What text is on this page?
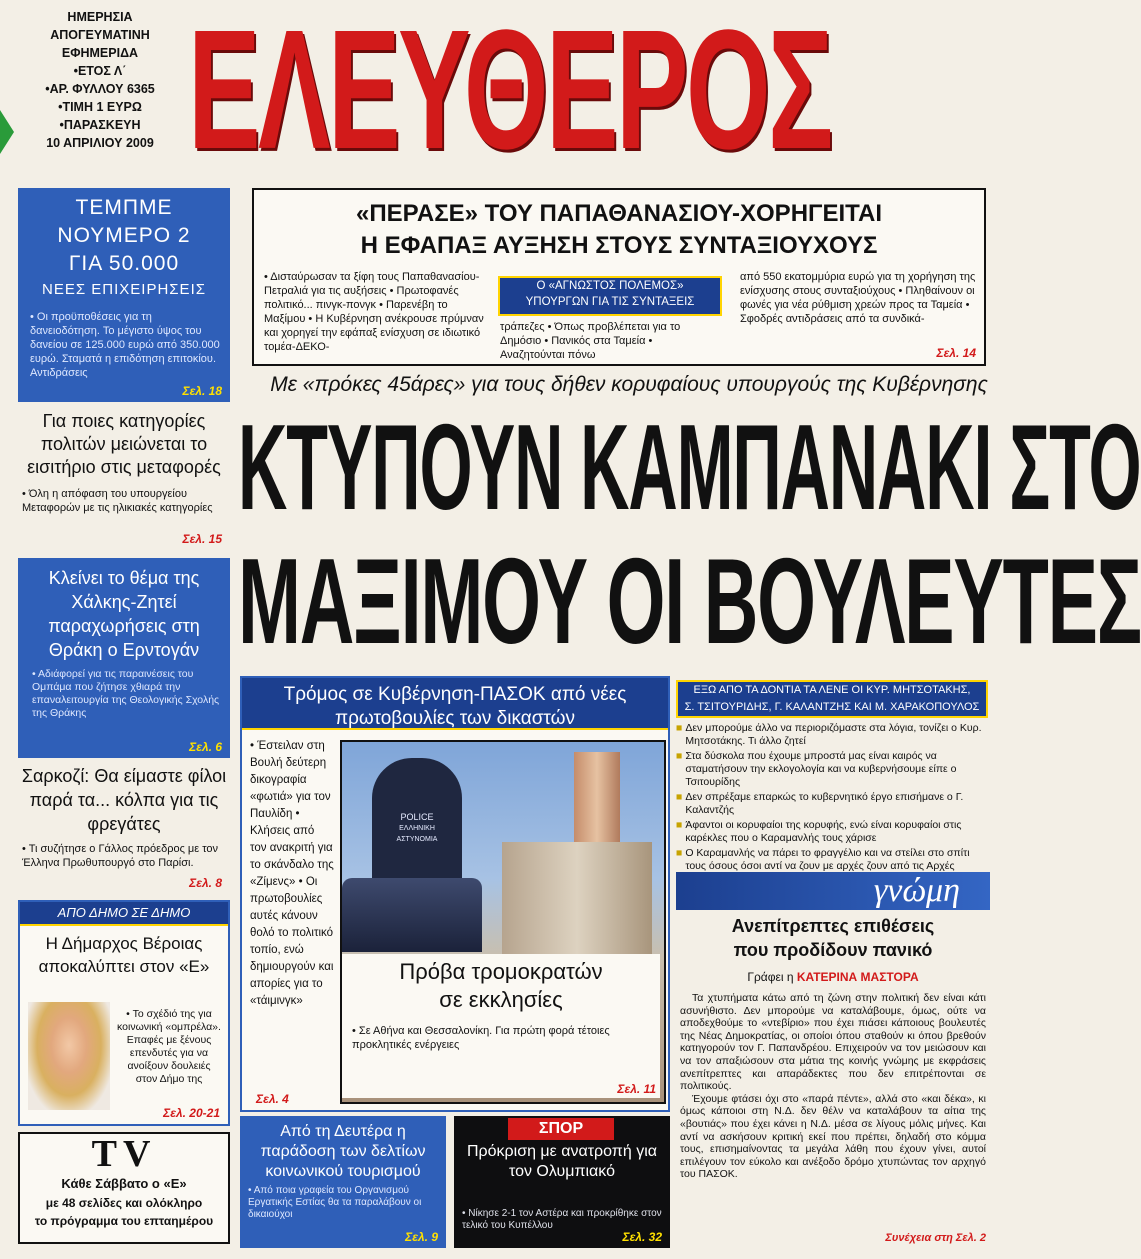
ΗΜΕΡΗΣΙΑ
ΑΠΟΓΕΥΜΑΤΙΝΗ
ΕΦΗΜΕΡΙΔΑ
•ΕΤΟΣ Λ΄
•ΑΡ. ΦΥΛΛΟΥ 6365
•ΤΙΜΗ 1 ΕΥΡΩ
•ΠΑΡΑΣΚΕΥΗ
10 ΑΠΡΙΛΙΟΥ 2009 ΕΛΕΥΘΕΡΟΣ
«ΠΕΡΑΣΕ» ΤΟΥ ΠΑΠΑΘΑΝΑΣΙΟΥ-ΧΟΡΗΓΕΙΤΑΙ
Η ΕΦΑΠΑΞ ΑΥΞΗΣΗ ΣΤΟΥΣ ΣΥΝΤΑΞΙΟΥΧΟΥΣ
• Δισταύρωσαν τα ξίφη τους Παπαθανασίου-Πετραλιά για τις αυξήσεις • Πρωτοφανές πολιτικό... πινγκ-πονγκ • Παρενέβη το Μαξίμου • Η Κυβέρνηση ανέκρουσε πρύμναν και χορηγεί την εφάπαξ ενίσχυση σε ιδιωτικό τομέα-ΔΕΚΟ-
Ο «ΑΓΝΩΣΤΟΣ ΠΟΛΕΜΟΣ»
ΥΠΟΥΡΓΩΝ ΓΙΑ ΤΙΣ ΣΥΝΤΑΞΕΙΣ
τράπεζες • Όπως προβλέπεται για το Δημόσιο • Πανικός στα Ταμεία • Αναζητούνται πόνω
από 550 εκατομμύρια ευρώ για τη χορήγηση της ενίσχυσης στους συνταξιούχους • Πληθαίνουν οι φωνές για νέα ρύθμιση χρεών προς τα Ταμεία • Σφοδρές αντιδράσεις από τα συνδικά-
Σελ. 14
Με «πρόκες 45άρες» για τους δήθεν κορυφαίους υπουργούς της Κυβέρνησης
ΚΤΥΠΟΥΝ ΚΑΜΠΑΝΑΚΙ ΣΤΟ
ΜΑΞΙΜΟΥ ΟΙ ΒΟΥΛΕΥΤΕΣ
ΤΕΜΠΜΕ
ΝΟΥΜΕΡΟ 2
ΓΙΑ 50.000
ΝΕΕΣ ΕΠΙΧΕΙΡΗΣΕΙΣ
• Οι προϋποθέσεις για τη δανειοδότηση. Το μέγιστο ύψος του δανείου σε 125.000 ευρώ από 350.000 ευρώ. Σταματά η επιδότηση επιτοκίου. Αντιδράσεις
Σελ. 18
Για ποιες κατηγορίες πολιτών μειώνεται το εισιτήριο στις μεταφορές
• Όλη η απόφαση του υπουργείου Μεταφορών με τις ηλικιακές κατηγορίες
Σελ. 15
Κλείνει το θέμα της Χάλκης-Ζητεί παραχωρήσεις στη Θράκη ο Ερντογάν
• Αδιάφορεί για τις παραινέσεις του Ομπάμα που ζήτησε χθιαρά την επαναλειτουργία της Θεολογικής Σχολής της Θράκης
Σελ. 6
Σαρκοζί: Θα είμαστε φίλοι παρά τα... κόλπα για τις φρεγάτες
• Τι συζήτησε ο Γάλλος πρόεδρος με τον Έλληνα Πρωθυπουργό στο Παρίσι.
Σελ. 8
ΑΠΟ ΔΗΜΟ ΣΕ ΔΗΜΟ
Η Δήμαρχος Βέροιας αποκαλύπτει στον «Ε»
• Το σχέδιό της για κοινωνική «ομπρέλα». Επαφές με ξένους επενδυτές για να ανοίξουν δουλειές στον Δήμο της
Σελ. 20-21
TV
Κάθε Σάββατο ο «Ε»
με 48 σελίδες και ολόκληρο
το πρόγραμμα του επταημέρου
Τρόμος σε Κυβέρνηση-ΠΑΣΟΚ από νέες πρωτοβουλίες των δικαστών
• Έστειλαν στη Βουλή δεύτερη δικογραφία «φωτιά» για τον Παυλίδη • Κλήσεις από τον ανακριτή για το σκάνδαλο της «Ζίμενς» • Οι πρωτοβουλίες αυτές κάνουν θολό το πολιτικό τοπίο, ενώ δημιουργούν και απορίες για το «τάιμινγκ»
Σελ. 4
POLICE
ΕΛΛΗΝΙΚΗ ΑΣΤΥΝΟΜΙΑ
Πρόβα τρομοκρατών
σε εκκλησίες
• Σε Αθήνα και Θεσσαλονίκη. Για πρώτη φορά τέτοιες προκλητικές ενέργειες
Σελ. 11
ΕΞΩ ΑΠΟ ΤΑ ΔΟΝΤΙΑ ΤΑ ΛΕΝΕ ΟΙ ΚΥΡ. ΜΗΤΣΟΤΑΚΗΣ,
Σ. ΤΣΙΤΟΥΡΙΔΗΣ, Γ. ΚΑΛΑΝΤΖΗΣ ΚΑΙ Μ. ΧΑΡΑΚΟΠΟΥΛΟΣ
■ Δεν μπορούμε άλλο να περιοριζόμαστε στα λόγια, τονίζει ο Κυρ. Μητσοτάκης. Τι άλλο ζητεί
■ Στα δύσκολα που έχουμε μπροστά μας είναι καιρός να σταματήσουν την εκλογολογία και να κυβερνήσουμε είπε ο Τσιτουρίδης
■ Δεν σπρέξαμε επαρκώς το κυβερνητικό έργο επισήμανε ο Γ. Καλαντζής
■ Άφαντοι οι κορυφαίοι της κορυφής, ενώ είναι κορυφαίοι στις καρέκλες που ο Καραμανλής τους χάρισε
■ Ο Καραμανλής να πάρει το φραγγέλιο και να στείλει στο σπίτι τους όσους όσοι αντί να ζουν με αρχές ζουν από τις Αρχές
γνώμη
Ανεπίτρεπτες επιθέσεις
που προδίδουν πανικό
Γράφει η ΚΑΤΕΡΙΝΑ ΜΑΣΤΟΡΑ
Τα χτυπήματα κάτω από τη ζώνη στην πολιτική δεν είναι κάτι ασυνήθιστο. Δεν μπορούμε να καταλάβουμε, όμως, ούτε να αποδεχθούμε το «ντεβίριο» που έχει πιάσει κάποιους βουλευτές της Νέας Δημοκρατίας, οι οποίοι όπου σταθούν κι όπου βρεθούν κατηγορούν τον Γ. Παπανδρέου. Επιχειρούν να τον μειώσουν και να τον απαξιώσουν στα μάτια της κοινής γνώμης με εκφράσεις ανεπίτρεπτες και απαράδεκτες που δεν επιτρέπονται σε πολιτικούς.
Έχουμε φτάσει όχι στο «παρά πέντε», αλλά στο «και δέκα», κι όμως κάποιοι στη Ν.Δ. δεν θέλν να καταλάβουν τα αίτια της «βουτιάς» που έχει κάνει η Ν.Δ. μέσα σε λίγους μόλις μήνες. Και αντί να ασκήσουν κριτική εκεί που πρέπει, δηλαδή στο κόμμα τους, επισημαίνοντας τα μεγάλα λάθη που έχουν γίνει, αυτοί επιλέγουν τον εύκολο και ανέξοδο δρόμο χτυπώντας τον αρχηγό του ΠΑΣΟΚ.
Συνέχεια στη Σελ. 2
Από τη Δευτέρα η παράδοση των δελτίων κοινωνικού τουρισμού
• Από ποια γραφεία του Οργανισμού Εργατικής Εστίας θα τα παραλάβουν οι δικαιούχοι
Σελ. 9
ΣΠΟΡ
Πρόκριση με ανατροπή για τον Ολυμπιακό
• Νίκησε 2-1 τον Αστέρα και προκρίθηκε στον τελικό του Κυπέλλου
Σελ. 32
